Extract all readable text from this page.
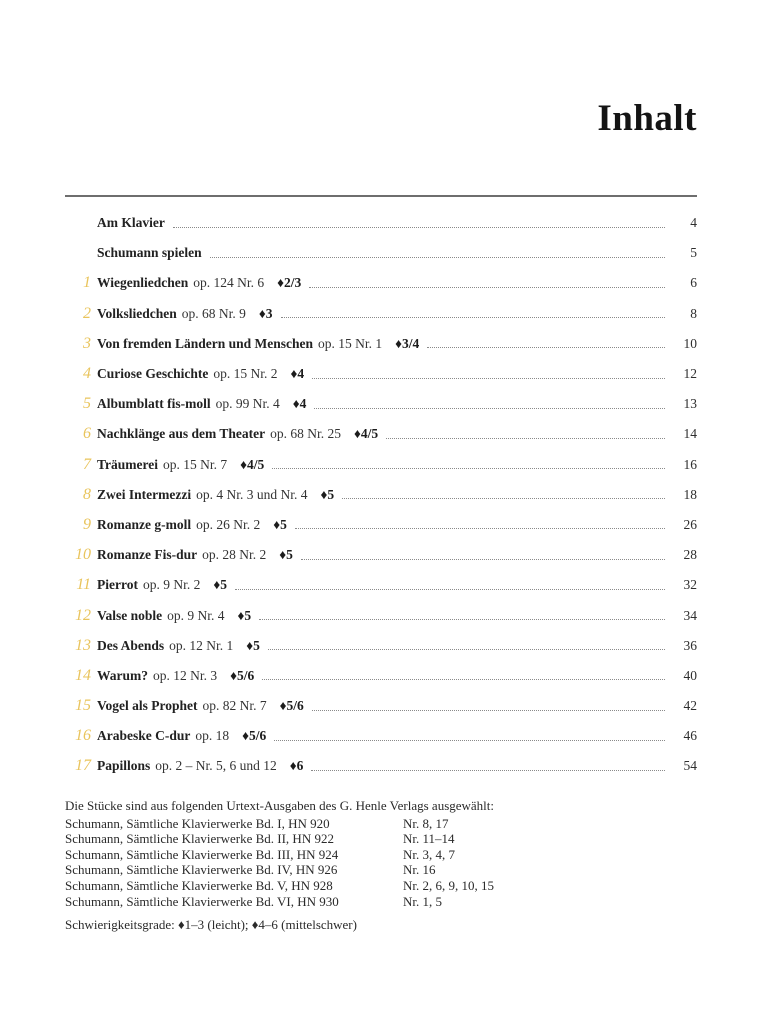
Inhalt
Am Klavier	4
Schumann spielen	5
1 Wiegenliedchen op. 124 Nr. 6 ♦2/3	6
2 Volksliedchen op. 68 Nr. 9 ♦3	8
3 Von fremden Ländern und Menschen op. 15 Nr. 1 ♦3/4	10
4 Curiose Geschichte op. 15 Nr. 2 ♦4	12
5 Albumblatt fis-moll op. 99 Nr. 4 ♦4	13
6 Nachklänge aus dem Theater op. 68 Nr. 25 ♦4/5	14
7 Träumerei op. 15 Nr. 7 ♦4/5	16
8 Zwei Intermezzi op. 4 Nr. 3 und Nr. 4 ♦5	18
9 Romanze g-moll op. 26 Nr. 2 ♦5	26
10 Romanze Fis-dur op. 28 Nr. 2 ♦5	28
11 Pierrot op. 9 Nr. 2 ♦5	32
12 Valse noble op. 9 Nr. 4 ♦5	34
13 Des Abends op. 12 Nr. 1 ♦5	36
14 Warum? op. 12 Nr. 3 ♦5/6	40
15 Vogel als Prophet op. 82 Nr. 7 ♦5/6	42
16 Arabeske C-dur op. 18 ♦5/6	46
17 Papillons op. 2 – Nr. 5, 6 und 12 ♦6	54
Die Stücke sind aus folgenden Urtext-Ausgaben des G. Henle Verlags ausgewählt:
Schumann, Sämtliche Klavierwerke Bd. I, HN 920	Nr. 8, 17
Schumann, Sämtliche Klavierwerke Bd. II, HN 922	Nr. 11–14
Schumann, Sämtliche Klavierwerke Bd. III, HN 924	Nr. 3, 4, 7
Schumann, Sämtliche Klavierwerke Bd. IV, HN 926	Nr. 16
Schumann, Sämtliche Klavierwerke Bd. V, HN 928	Nr. 2, 6, 9, 10, 15
Schumann, Sämtliche Klavierwerke Bd. VI, HN 930	Nr. 1, 5
Schwierigkeitsgrade: ♦1–3 (leicht); ♦4–6 (mittelschwer)
